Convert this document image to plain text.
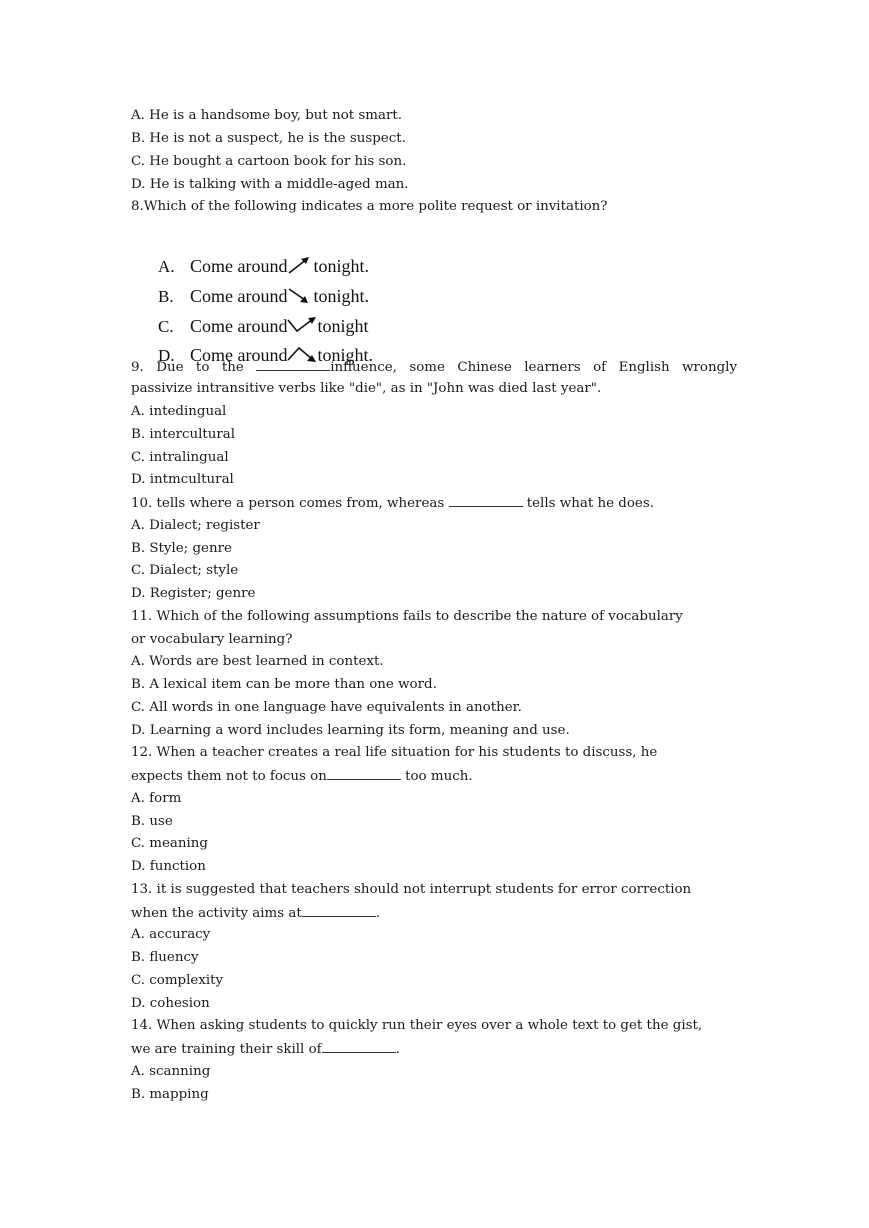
A. He is a handsome boy, but not smart.
B. He is not a suspect, he is the suspect.
C. He bought a cartoon book for his son.
D. He is talking with a middle-aged man.
8.Which of the following indicates a more polite request or invitation?

A. Come around tonight.

B. Come around tonight.

C. Come around tonight

D. Come around tonight.

9. Due to the	influence, some Chinese learners of English wrongly
passivize intransitive verbs like "die", as in "John was died last year".
A. intedingual
B. intercultural
C. intralingual
D. intmcultural
10. tells where a person comes from, whereas	tells what he does.
A. Dialect; register
B. Style; genre
C. Dialect; style
D. Register; genre
11. Which of the following assumptions fails to describe the nature of vocabulary
or vocabulary learning?
A. Words are best learned in context.
B. A lexical item can be more than one word.
C. All words in one language have equivalents in another.
D. Learning a word includes learning its form, meaning and use.
12. When a teacher creates a real life situation for his students to discuss, he
expects them not to focus on	too much.
A. form
B. use
C. meaning
D. function
13. it is suggested that teachers should not interrupt students for error correction
when the activity aims at	.
A. accuracy
B. fluency
C. complexity
D. cohesion
14. When asking students to quickly run their eyes over a whole text to get the gist,
we are training their skill of	.
A. scanning
B. mapping
